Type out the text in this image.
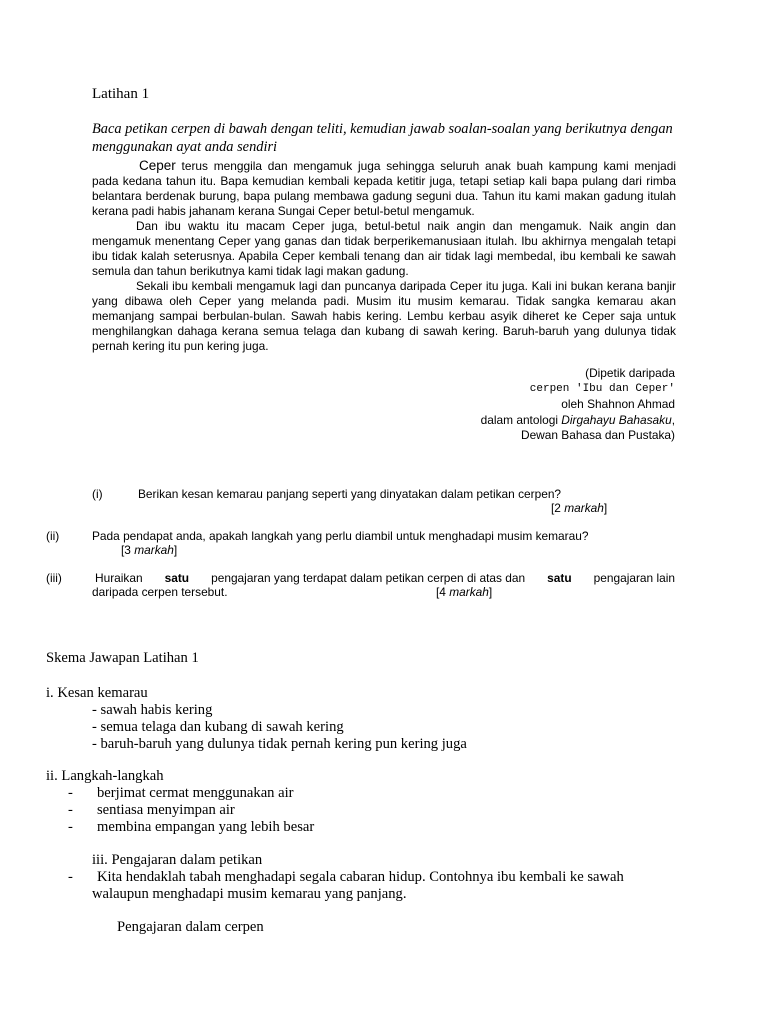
Latihan 1
Baca petikan cerpen di bawah dengan teliti, kemudian jawab soalan-soalan yang berikutnya dengan menggunakan ayat anda sendiri

Ceper terus menggila dan mengamuk juga sehingga seluruh anak buah kampung kami menjadi pada kedana tahun itu. Bapa kemudian kembali kepada ketitir juga, tetapi setiap kali bapa pulang dari rimba belantara berdenak burung, bapa pulang membawa gadung seguni dua. Tahun itu kami makan gadung itulah kerana padi habis jahanam kerana Sungai Ceper betul-betul mengamuk.

Dan ibu waktu itu macam Ceper juga, betul-betul naik angin dan mengamuk. Naik angin dan mengamuk menentang Ceper yang ganas dan tidak berperikemanusiaan itulah. Ibu akhirnya mengalah tetapi ibu tidak kalah seterusnya. Apabila Ceper kembali tenang dan air tidak lagi membedal, ibu kembali ke sawah semula dan tahun berikutnya kami tidak lagi makan gadung.

Sekali ibu kembali mengamuk lagi dan puncanya daripada Ceper itu juga. Kali ini bukan kerana banjir yang dibawa oleh Ceper yang melanda padi. Musim itu musim kemarau. Tidak sangka kemarau akan memanjang sampai berbulan-bulan. Sawah habis kering. Lembu kerbau asyik diheret ke Ceper saja untuk menghilangkan dahaga kerana semua telaga dan kubang di sawah kering. Baruh-baruh yang dulunya tidak pernah kering itu pun kering juga.

(Dipetik daripada
cerpen 'Ibu dan Ceper'
oleh Shahnon Ahmad
dalam antologi Dirgahayu Bahasaku,
Dewan Bahasa dan Pustaka)
(i)	Berikan kesan kemarau panjang seperti yang dinyatakan dalam petikan cerpen?
[2 markah]
(ii)	Pada pendapat anda, apakah langkah yang perlu diambil untuk menghadapi musim kemarau?
[3 markah]
(iii)	Huraikan satu pengajaran yang terdapat dalam petikan cerpen di atas dan satu pengajaran lain
daripada cerpen tersebut.	[4 markah]
Skema Jawapan Latihan 1
i. Kesan kemarau
- sawah habis kering
- semua telaga dan kubang di sawah kering
- baruh-baruh yang dulunya tidak pernah kering pun kering juga
ii. Langkah-langkah
- berjimat cermat menggunakan air
- sentiasa menyimpan air
- membina empangan yang lebih besar
iii. Pengajaran dalam petikan
- Kita hendaklah tabah menghadapi segala cabaran hidup. Contohnya ibu kembali ke sawah
walaupun menghadapi musim kemarau yang panjang.
Pengajaran dalam cerpen
